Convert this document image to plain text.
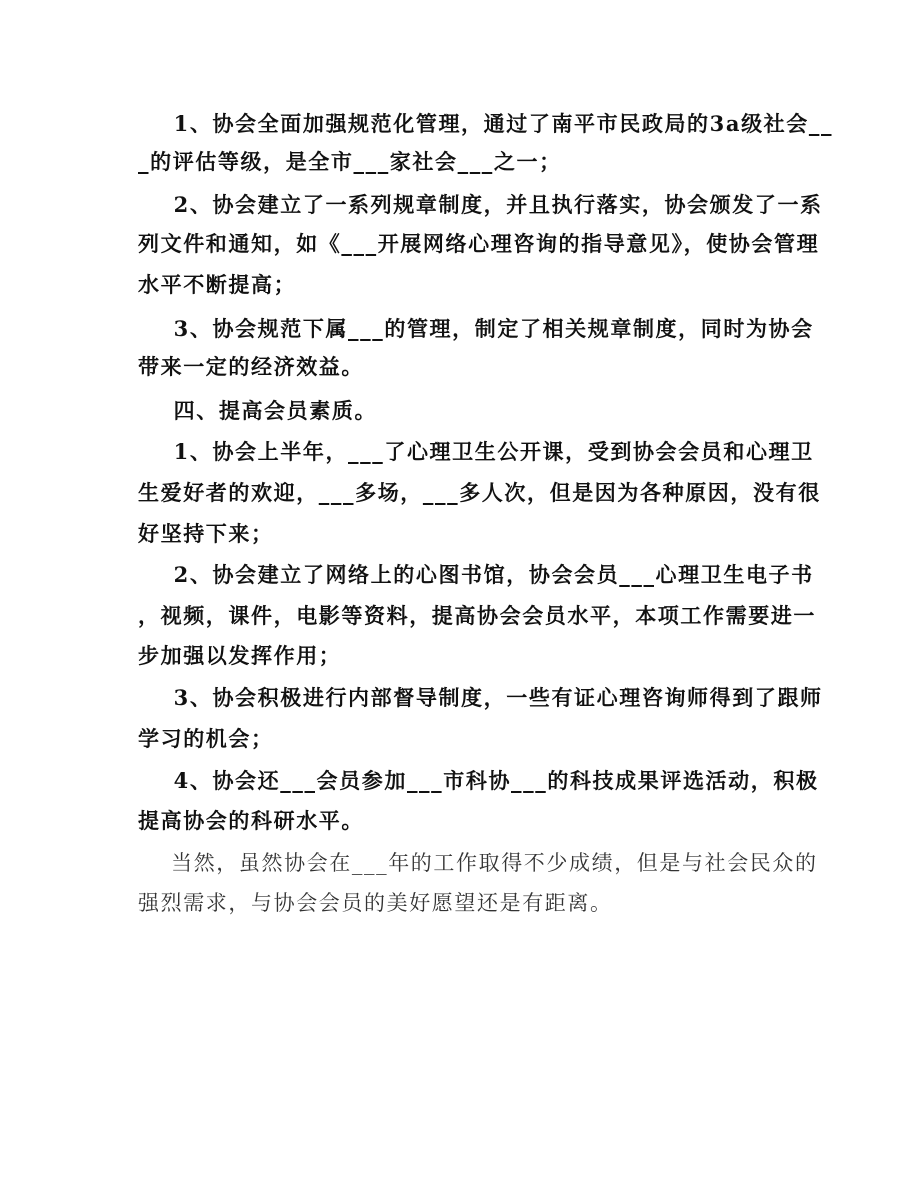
1、协会全面加强规范化管理，通过了南平市民政局的3a级社会__
_的评估等级，是全市___家社会___之一；
2、协会建立了一系列规章制度，并且执行落实，协会颁发了一系
列文件和通知，如《___开展网络心理咨询的指导意见》，使协会管理
水平不断提高；
3、协会规范下属___的管理，制定了相关规章制度，同时为协会
带来一定的经济效益。
四、提高会员素质。
1、协会上半年，___了心理卫生公开课，受到协会会员和心理卫
生爱好者的欢迎，___多场，___多人次，但是因为各种原因，没有很
好坚持下来；
2、协会建立了网络上的心图书馆，协会会员___心理卫生电子书
，视频，课件，电影等资料，提高协会会员水平，本项工作需要进一
步加强以发挥作用；
3、协会积极进行内部督导制度，一些有证心理咨询师得到了跟师
学习的机会；
4、协会还___会员参加___市科协___的科技成果评选活动，积极
提高协会的科研水平。
当然，虽然协会在___年的工作取得不少成绩，但是与社会民众的
强烈需求，与协会会员的美好愿望还是有距离。
